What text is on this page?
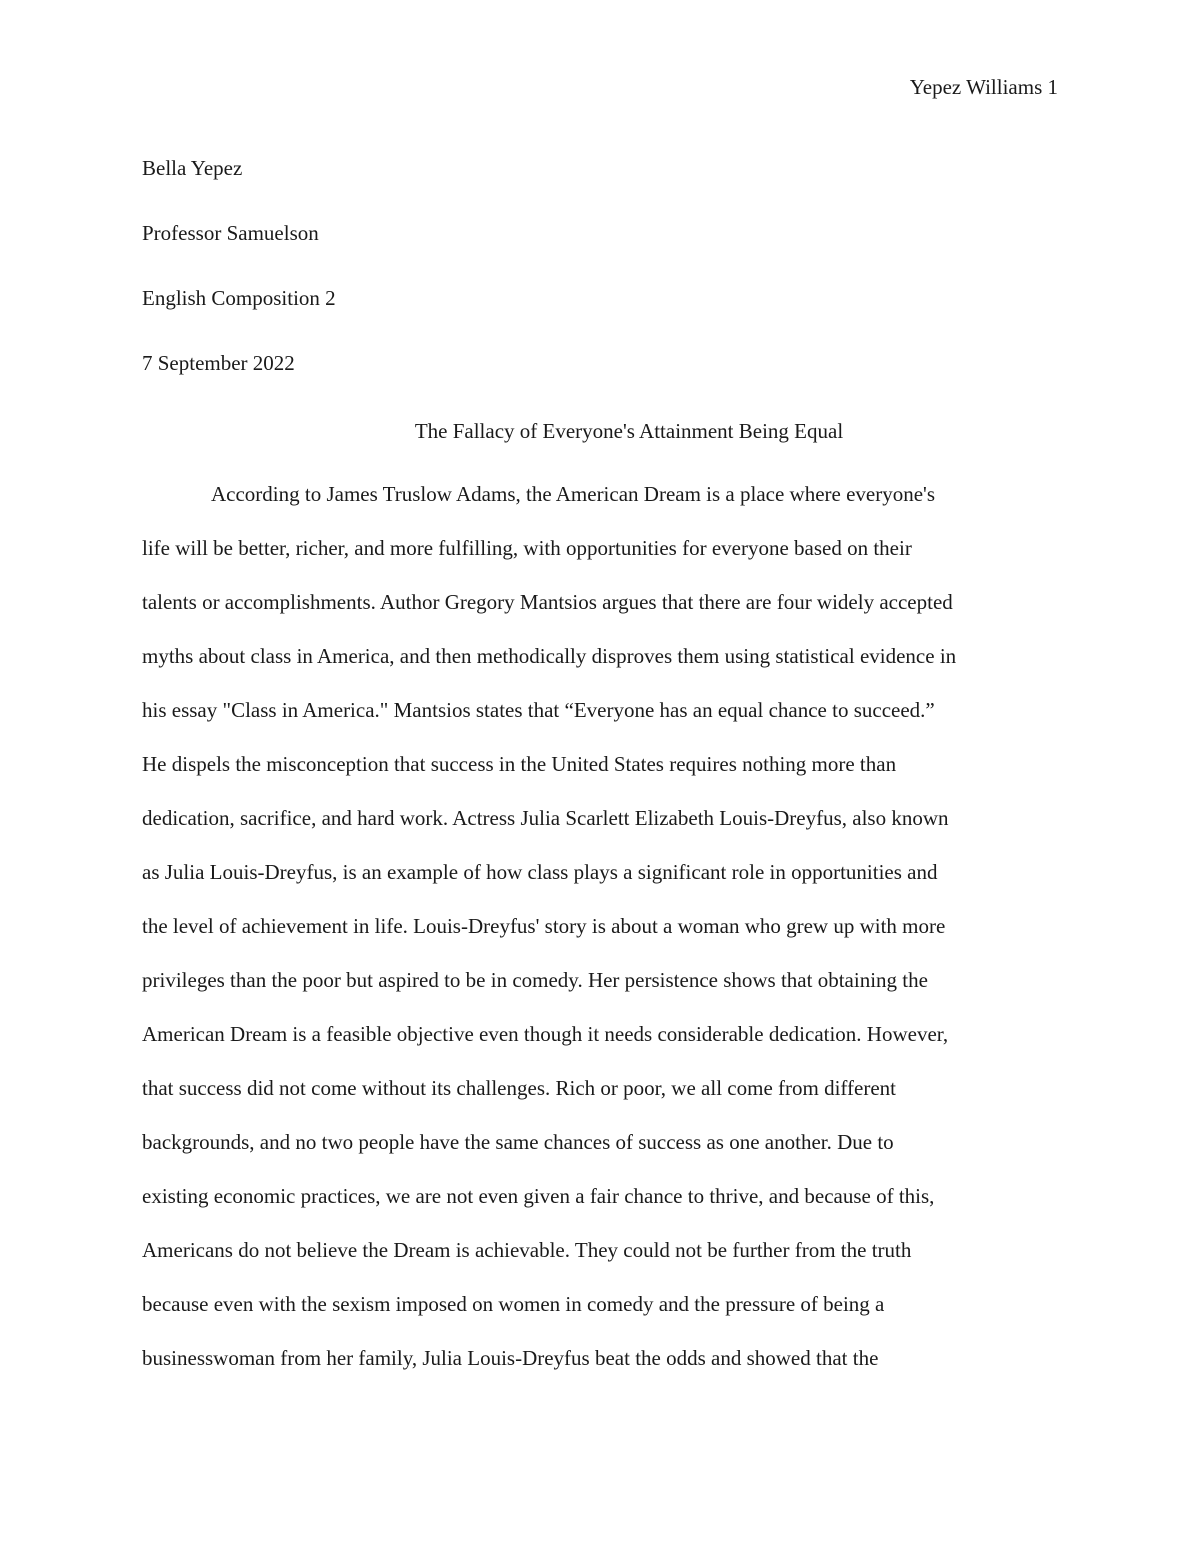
Yepez Williams 1
Bella Yepez
Professor Samuelson
English Composition 2
7 September 2022
The Fallacy of Everyone's Attainment Being Equal
According to James Truslow Adams, the American Dream is a place where everyone's
life will be better, richer, and more fulfilling, with opportunities for everyone based on their
talents or accomplishments. Author Gregory Mantsios argues that there are four widely accepted
myths about class in America, and then methodically disproves them using statistical evidence in
his essay "Class in America." Mantsios states that “Everyone has an equal chance to succeed.”
He dispels the misconception that success in the United States requires nothing more than
dedication, sacrifice, and hard work. Actress Julia Scarlett Elizabeth Louis-Dreyfus, also known
as Julia Louis-Dreyfus, is an example of how class plays a significant role in opportunities and
the level of achievement in life. Louis-Dreyfus' story is about a woman who grew up with more
privileges than the poor but aspired to be in comedy. Her persistence shows that obtaining the
American Dream is a feasible objective even though it needs considerable dedication. However,
that success did not come without its challenges. Rich or poor, we all come from different
backgrounds, and no two people have the same chances of success as one another. Due to
existing economic practices, we are not even given a fair chance to thrive, and because of this,
Americans do not believe the Dream is achievable. They could not be further from the truth
because even with the sexism imposed on women in comedy and the pressure of being a
businesswoman from her family, Julia Louis-Dreyfus beat the odds and showed that the
